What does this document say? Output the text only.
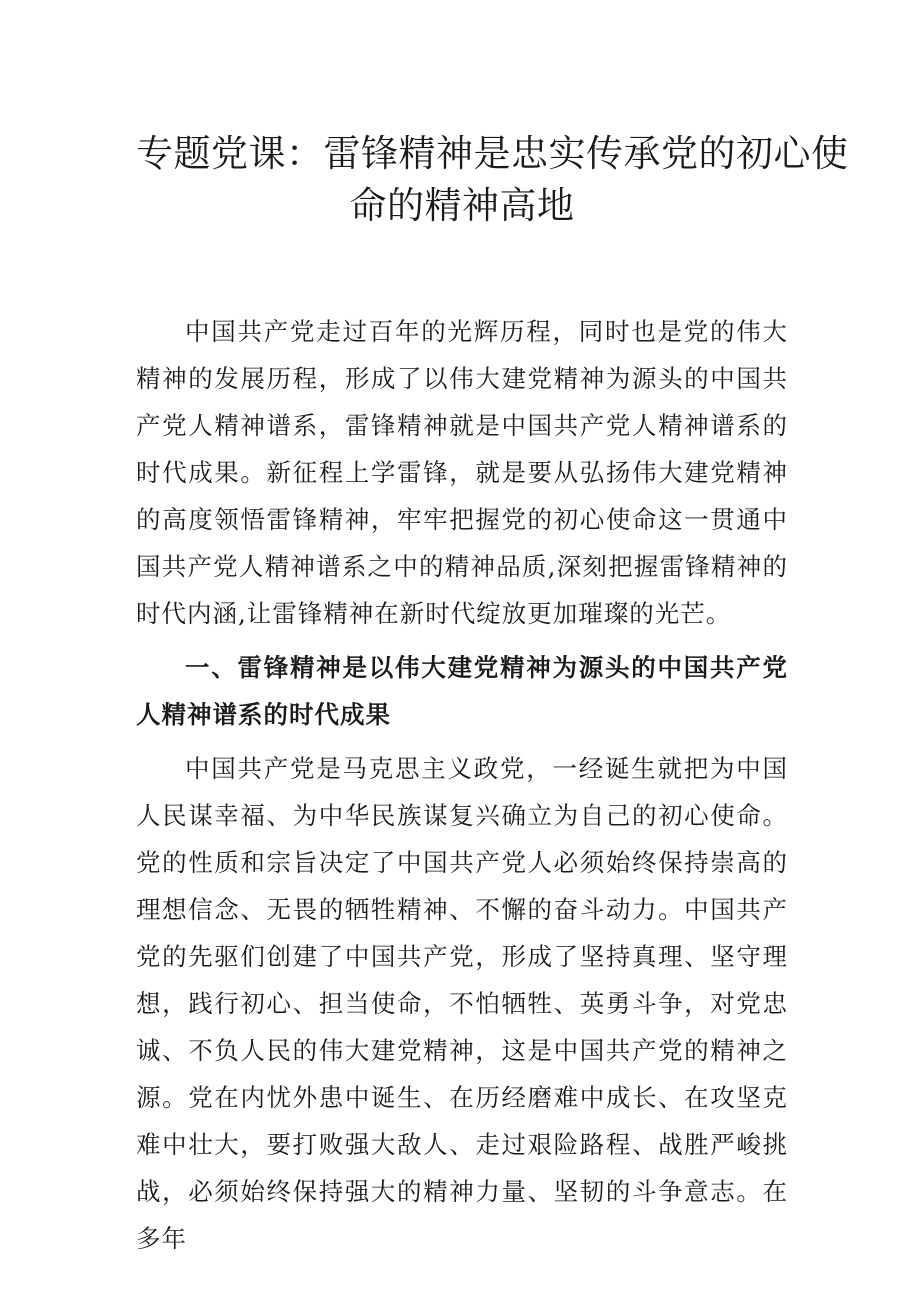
专题党课：雷锋精神是忠实传承党的初心使
命的精神高地

中国共产党走过百年的光辉历程，同时也是党的伟大精神的发展历程，形成了以伟大建党精神为源头的中国共产党人精神谱系，雷锋精神就是中国共产党人精神谱系的时代成果。新征程上学雷锋，就是要从弘扬伟大建党精神的高度领悟雷锋精神，牢牢把握党的初心使命这一贯通中国共产党人精神谱系之中的精神品质,深刻把握雷锋精神的时代内涵,让雷锋精神在新时代绽放更加璀璨的光芒。

一、雷锋精神是以伟大建党精神为源头的中国共产党人精神谱系的时代成果

中国共产党是马克思主义政党，一经诞生就把为中国人民谋幸福、为中华民族谋复兴确立为自己的初心使命。党的性质和宗旨决定了中国共产党人必须始终保持崇高的理想信念、无畏的牺牲精神、不懈的奋斗动力。中国共产党的先驱们创建了中国共产党，形成了坚持真理、坚守理想，践行初心、担当使命，不怕牺牲、英勇斗争，对党忠诚、不负人民的伟大建党精神，这是中国共产党的精神之源。党在内忧外患中诞生、在历经磨难中成长、在攻坚克难中壮大，要打败强大敌人、走过艰险路程、战胜严峻挑战，必须始终保持强大的精神力量、坚韧的斗争意志。在多年
